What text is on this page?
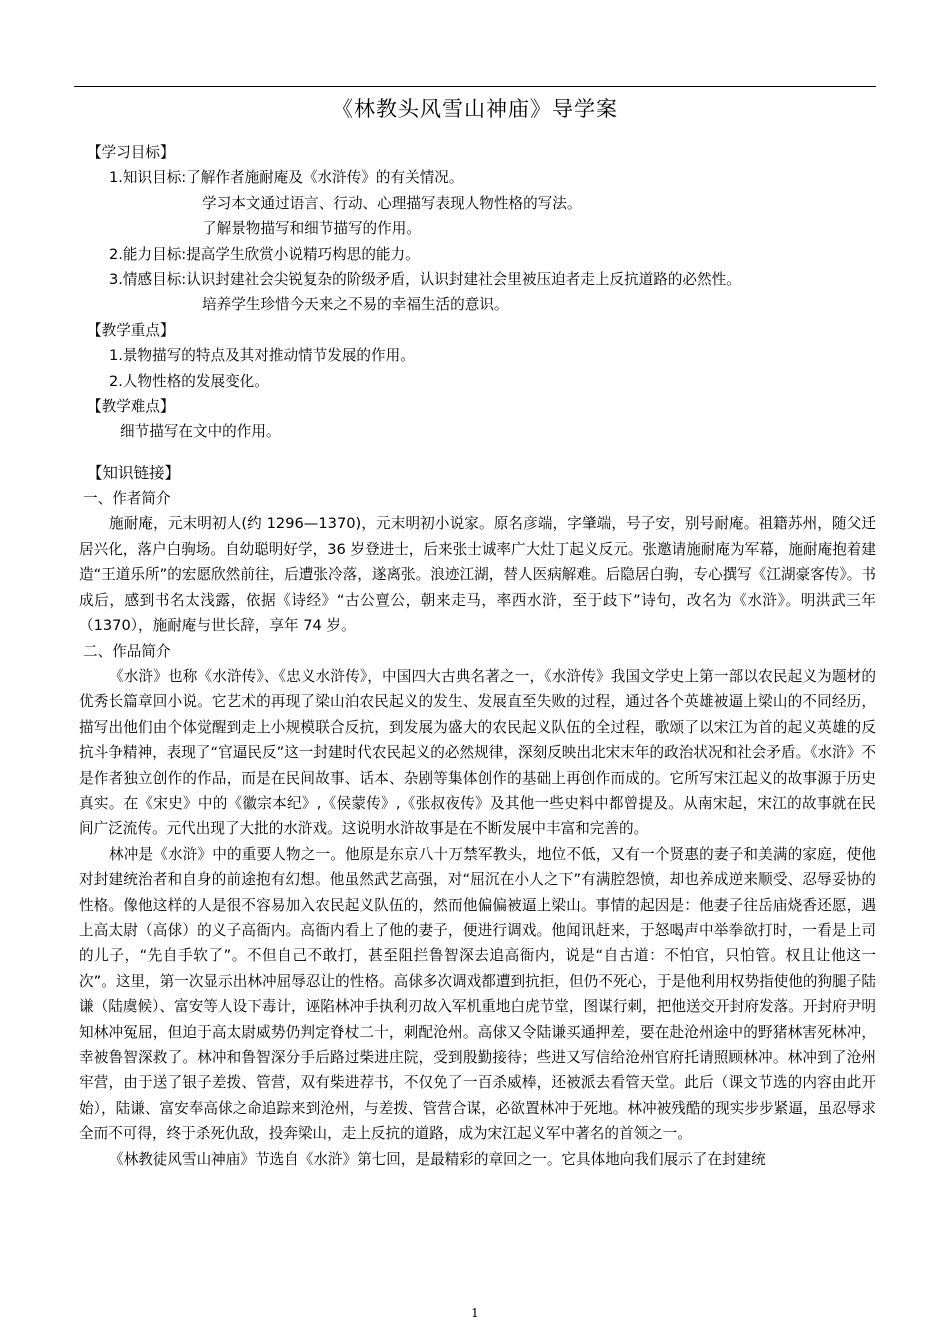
《林教头风雪山神庙》导学案
【学习目标】
1.知识目标:了解作者施耐庵及《水浒传》的有关情况。
学习本文通过语言、行动、心理描写表现人物性格的写法。
了解景物描写和细节描写的作用。
2.能力目标:提高学生欣赏小说精巧构思的能力。
3.情感目标:认识封建社会尖锐复杂的阶级矛盾，认识封建社会里被压迫者走上反抗道路的必然性。
培养学生珍惜今天来之不易的幸福生活的意识。
【教学重点】
1.景物描写的特点及其对推动情节发展的作用。
2.人物性格的发展变化。
【教学难点】
细节描写在文中的作用。
【知识链接】
一、作者简介

施耐庵，元末明初人(约 1296—1370)，元末明初小说家。原名彦端，字肇端，号子安，别号耐庵。祖籍苏州，随父迁居兴化，落户白驹场。自幼聪明好学，36 岁登进士，后来张士诚率广大灶丁起义反元。张邀请施耐庵为军幕，施耐庵抱着建造“王道乐所”的宏愿欣然前往，后遭张冷落，遂离张。浪迹江湖，替人医病解难。后隐居白驹，专心撰写《江湖豪客传》。书成后，感到书名太浅露，依据《诗经》“古公亶公，朝来走马，率西水浒，至于歧下”诗句，改名为《水浒》。明洪武三年（1370），施耐庵与世长辞，享年 74 岁。

二、作品简介

《水浒》也称《水浒传》、《忠义水浒传》，中国四大古典名著之一，《水浒传》我国文学史上第一部以农民起义为题材的优秀长篇章回小说。它艺术的再现了梁山泊农民起义的发生、发展直至失败的过程，通过各个英雄被逼上梁山的不同经历，描写出他们由个体觉醒到走上小规模联合反抗，到发展为盛大的农民起义队伍的全过程，歌颂了以宋江为首的起义英雄的反抗斗争精神，表现了“官逼民反”这一封建时代农民起义的必然规律，深刻反映出北宋末年的政治状况和社会矛盾。《水浒》不是作者独立创作的作品，而是在民间故事、话本、杂剧等集体创作的基础上再创作而成的。它所写宋江起义的故事源于历史真实。在《宋史》中的《徽宗本纪》,《侯蒙传》,《张叔夜传》及其他一些史料中都曾提及。从南宋起，宋江的故事就在民间广泛流传。元代出现了大批的水浒戏。这说明水浒故事是在不断发展中丰富和完善的。

林冲是《水浒》中的重要人物之一。他原是东京八十万禁军教头，地位不低，又有一个贤惠的妻子和美满的家庭，使他对封建统治者和自身的前途抱有幻想。他虽然武艺高强，对“屈沉在小人之下”有满腔怨愤，却也养成逆来顺受、忍辱妥协的性格。像他这样的人是很不容易加入农民起义队伍的，然而他偏偏被逼上梁山。事情的起因是：他妻子往岳庙烧香还愿，遇上高太尉（高俅）的义子高衙内。高衙内看上了他的妻子，便进行调戏。他闻讯赶来，于怒喝声中举拳欲打时，一看是上司的儿子，“先自手软了”。不但自己不敢打，甚至阻拦鲁智深去追高衙内，说是“自古道：不怕官，只怕管。权且让他这一次”。这里，第一次显示出林冲屈辱忍让的性格。高俅多次调戏都遭到抗拒，但仍不死心，于是他利用权势指使他的狗腿子陆谦（陆虞候）、富安等人设下毒计，诬陷林冲手执利刃故入军机重地白虎节堂，图谋行刺，把他送交开封府发落。开封府尹明知林冲冤屈，但迫于高太尉威势仍判定脊杖二十，刺配沧州。高俅又令陆谦买通押差，要在赴沧州途中的野猪林害死林冲，幸被鲁智深救了。林冲和鲁智深分手后路过柴进庄院，受到殷勤接待；些进又写信给沧州官府托请照顾林冲。林冲到了沧州牢营，由于送了银子差拨、管营，双有柴进荐书，不仅免了一百杀威棒，还被派去看管天堂。此后（课文节选的内容由此开始），陆谦、富安奉高俅之命追踪来到沧州，与差拨、管营合谋，必欲置林冲于死地。林冲被残酷的现实步步紧逼，虽忍辱求全而不可得，终于杀死仇敌，投奔梁山，走上反抗的道路，成为宋江起义军中著名的首领之一。

《林教徒风雪山神庙》节选自《水浒》第七回，是最精彩的章回之一。它具体地向我们展示了在封建统

1
